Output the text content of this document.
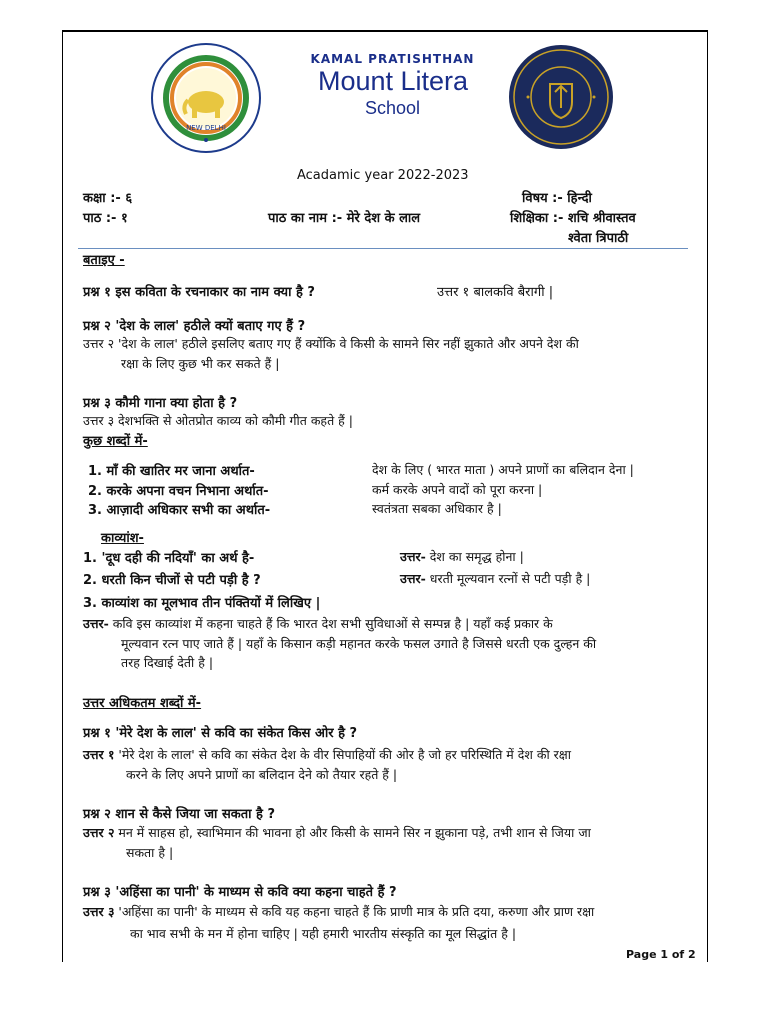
NEW DELHI
KAMAL PRATISHTHAN
Mount Litera
School
Acadamic year 2022-2023
कक्षा :- ६
पाठ :- १	पाठ का नाम :- मेरे देश के लाल
विषय :- हिन्दी
शिक्षिका :- शचि श्रीवास्तव
श्वेता त्रिपाठी
बताइए -
प्रश्न १ इस कविता के रचनाकार का नाम क्या है ?	उत्तर १ बालकवि बैरागी |
प्रश्न २ 'देश के लाल' हठीले क्यों बताए गए हैं ?
उत्तर २ 'देश के लाल' हठीले इसलिए बताए गए हैं क्योंकि वे किसी के सामने सिर नहीं झुकाते और अपने देश की
रक्षा के लिए कुछ भी कर सकते हैं |
प्रश्न ३ कौमी गाना क्या होता है ?
उत्तर ३ देशभक्ति से ओतप्रोत काव्य को कौमी गीत कहते हैं |
कुछ शब्दों में-
1. माँ की खातिर मर जाना अर्थात-	देश के लिए ( भारत माता ) अपने प्राणों का बलिदान देना |
2. करके अपना वचन निभाना अर्थात-	कर्म करके अपने वादों को पूरा करना |
3. आज़ादी अधिकार सभी का अर्थात-	स्वतंत्रता सबका अधिकार है |
काव्यांश-
1. 'दूध दही की नदियाँ' का अर्थ है-	उत्तर- देश का समृद्ध होना |
2. धरती किन चीजों से पटी पड़ी है ?	उत्तर- धरती मूल्यवान रत्नों से पटी पड़ी है |
3. काव्यांश का मूलभाव तीन पंक्तियों में लिखिए |
उत्तर- कवि इस काव्यांश में कहना चाहते हैं कि भारत देश सभी सुविधाओं से सम्पन्न है | यहाँ कई प्रकार के
मूल्यवान रत्न पाए जाते हैं | यहाँ के किसान कड़ी महानत करके फसल उगाते है जिससे धरती एक दुल्हन की
तरह दिखाई देती है |
उत्तर अधिकतम शब्दों में-
प्रश्न १ 'मेरे देश के लाल' से कवि का संकेत किस ओर है ?
उत्तर १ 'मेरे देश के लाल' से कवि का संकेत देश के वीर सिपाहियों की ओर है जो हर परिस्थिति में देश की रक्षा
करने के लिए अपने प्राणों का बलिदान देने को तैयार रहते हैं |
प्रश्न २ शान से कैसे जिया जा सकता है ?
उत्तर २ मन में साहस हो, स्वाभिमान की भावना हो और किसी के सामने सिर न झुकाना पड़े, तभी शान से जिया जा
सकता है |
प्रश्न ३ 'अहिंसा का पानी' के माध्यम से कवि क्या कहना चाहते हैं ?
उत्तर ३ 'अहिंसा का पानी' के माध्यम से कवि यह कहना चाहते हैं कि प्राणी मात्र के प्रति दया, करुणा और प्राण रक्षा
का भाव सभी के मन में होना चाहिए | यही हमारी भारतीय संस्कृति का मूल सिद्धांत है |
Page 1 of 2
